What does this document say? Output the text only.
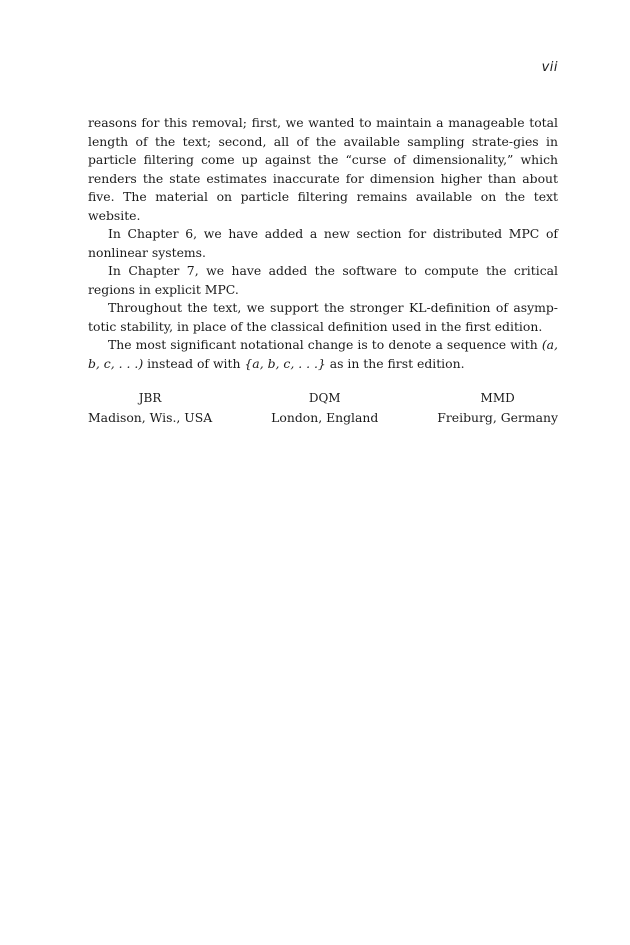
vii

reasons for this removal; first, we wanted to maintain a manageable total length of the text; second, all of the available sampling strate-gies in particle filtering come up against the “curse of dimensionality,” which renders the state estimates inaccurate for dimension higher than about five. The material on particle filtering remains available on the text website.

In Chapter 6, we have added a new section for distributed MPC of nonlinear systems.

In Chapter 7, we have added the software to compute the critical regions in explicit MPC.

Throughout the text, we support the stronger KL-definition of asymp-totic stability, in place of the classical definition used in the first edition.

The most significant notational change is to denote a sequence with (a, b, c, . . .) instead of with {a, b, c, . . .} as in the first edition.

JBR
Madison, Wis., USA
DQM
London, England
MMD
Freiburg, Germany
